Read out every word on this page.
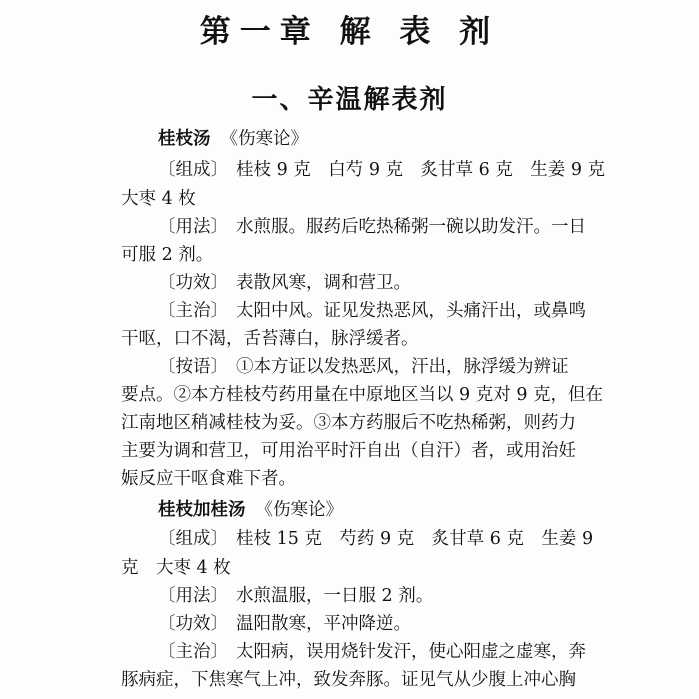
第一章 解 表 剂
一、辛温解表剂
桂枝汤 《伤寒论》
〔组成〕 桂枝 9 克　白芍 9 克　炙甘草 6 克　生姜 9 克
大枣 4 枚
〔用法〕 水煎服。服药后吃热稀粥一碗以助发汗。一日
可服 2 剂。
〔功效〕 表散风寒，调和营卫。
〔主治〕 太阳中风。证见发热恶风，头痛汗出，或鼻鸣
干呕，口不渴，舌苔薄白，脉浮缓者。
〔按语〕 ①本方证以发热恶风，汗出，脉浮缓为辨证
要点。②本方桂枝芍药用量在中原地区当以 9 克对 9 克，但在
江南地区稍减桂枝为妥。③本方药服后不吃热稀粥，则药力
主要为调和营卫，可用治平时汗自出（自汗）者，或用治妊
娠反应干呕食难下者。
桂枝加桂汤 《伤寒论》
〔组成〕 桂枝 15 克　芍药 9 克　炙甘草 6 克　生姜 9
克　大枣 4 枚
〔用法〕 水煎温服，一日服 2 剂。
〔功效〕 温阳散寒，平冲降逆。
〔主治〕 太阳病，误用烧针发汗，使心阳虚之虚寒，奔
豚病症，下焦寒气上冲，致发奔豚。证见气从少腹上冲心胸
